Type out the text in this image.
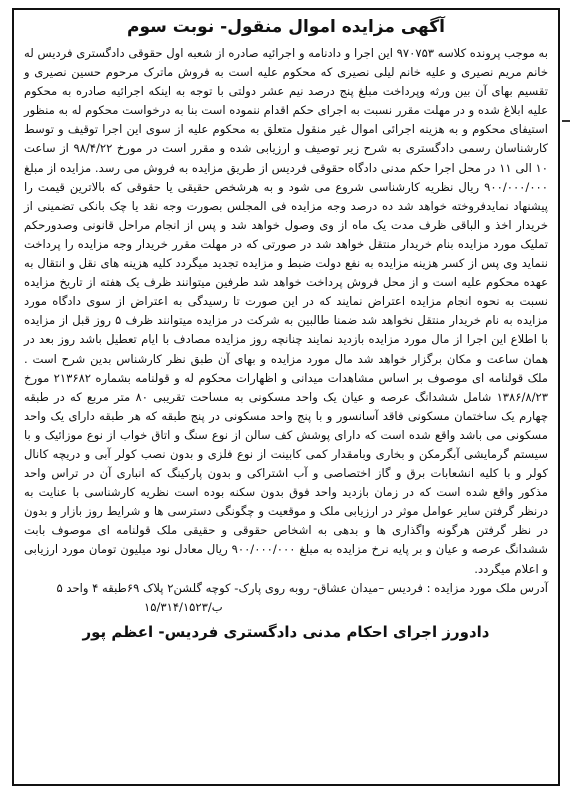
آگهی مزایده اموال منقول- نوبت سوم

به موجب پرونده کلاسه ۹۷۰۷۵۳ این اجرا و دادنامه و اجرائیه صادره از شعبه اول حقوقی دادگستری فردیس له خانم مریم نصیری و علیه خانم لیلی نصیری که محکوم علیه است به فروش ماترک مرحوم حسین نصیری و تقسیم بهای آن بین ورثه وپرداخت مبلغ پنج درصد نیم عشر دولتی با توجه به اینکه اجرائیه صادره به محکوم علیه ابلاغ شده و در مهلت مقرر نسبت به اجرای حکم اقدام ننموده است بنا به درخواست محکوم له به منظور استیفای محکوم و به هزینه اجرائی اموال غیر منقول متعلق به محکوم علیه از سوی این اجرا توقیف و توسط کارشناسان رسمی دادگستری به شرح زیر توصیف و ارزیابی شده و مقرر است در مورخ ۹۸/۴/۲۲ از ساعت ۱۰ الی ۱۱ در محل اجرا حکم مدنی دادگاه حقوقی فردیس از طریق مزایده به فروش می رسد. مزایده از مبلغ ۹۰۰/۰۰۰/۰۰۰ ریال نظریه کارشناسی شروع می شود و به هرشخص حقیقی یا حقوقی که بالاترین قیمت را پیشنهاد نمایدفروخته خواهد شد ده درصد وجه مزایده فی المجلس بصورت وجه نقد یا چک بانکی تضمینی از خریدار اخذ و الباقی ظرف مدت یک ماه از وی وصول خواهد شد و پس از انجام مراحل قانونی وصدورحکم تملیک مورد مزایده بنام خریدار منتقل خواهد شد در صورتی که در مهلت مقرر خریدار وجه مزایده را پرداخت ننماید وی پس از کسر هزینه مزایده به نفع دولت ضبط و مزایده تجدید میگردد کلیه هزینه های نقل و انتقال به عهده محکوم علیه است و از محل فروش پرداخت خواهد شد طرفین میتوانند ظرف یک هفته از تاریخ مزایده نسبت به نحوه انجام مزایده اعتراض نمایند که در این صورت تا رسیدگی به اعتراض از سوی دادگاه مورد مزایده به نام خریدار منتقل نخواهد شد ضمنا طالبین به شرکت در مزایده میتوانند ظرف ۵ روز قبل از مزایده با اطلاع این اجرا از مال مورد مزایده بازدید نمایند چنانچه روز مزایده مصادف با ایام تعطیل باشد روز بعد در همان ساعت و مکان برگزار خواهد شد مال مورد مزایده و بهای آن طبق نظر کارشناس بدین شرح است . ملک قولنامه ای موصوف بر اساس مشاهدات میدانی و اظهارات محکوم له و قولنامه بشماره ۲۱۳۶۸۲ مورخ ۱۳۸۶/۸/۲۳ شامل ششدانگ عرصه و عیان یک واحد مسکونی به مساحت تقریبی ۸۰ متر مربع که در طبقه چهارم یک ساختمان مسکونی فاقد آسانسور و با پنج واحد مسکونی در پنج طبقه که هر طبقه دارای یک واحد مسکونی می باشد واقع شده است که دارای پوشش کف سالن از نوع سنگ و اتاق خواب از نوع موزائیک و با سیستم گرمایشی آبگرمکن و بخاری وبامقدار کمی کابینت از نوع فلزی و بدون نصب کولر آبی و دریچه کانال کولر و با کلیه انشعابات برق و گاز اختصاصی و آب اشتراکی و بدون پارکینگ که انباری آن در تراس واحد مذکور واقع شده است که در زمان بازدید واحد فوق بدون سکنه بوده است نظریه کارشناسی با عنایت به درنظر گرفتن سایر عوامل موثر در ارزیابی ملک و موقعیت و چگونگی دسترسی ها و شرایط روز بازار و بدون در نظر گرفتن هرگونه واگذاری ها و بدهی به اشخاص حقوقی و حقیقی ملک قولنامه ای موصوف بابت ششدانگ عرصه و عیان و بر پایه نرخ مزایده به مبلغ ۹۰۰/۰۰۰/۰۰۰ ریال معادل نود میلیون تومان مورد ارزیابی و اعلام میگردد.

آدرس ملک مورد مزایده : فردیس –میدان عشاق- روبه روی پارک- کوچه گلشن۲ پلاک ۶۹طبقه ۴ واحد ۵

۱۵/۳۱۴/ب/۱۵۲۳

دادورز اجرای احکام مدنی دادگستری فردیس- اعظم پور
